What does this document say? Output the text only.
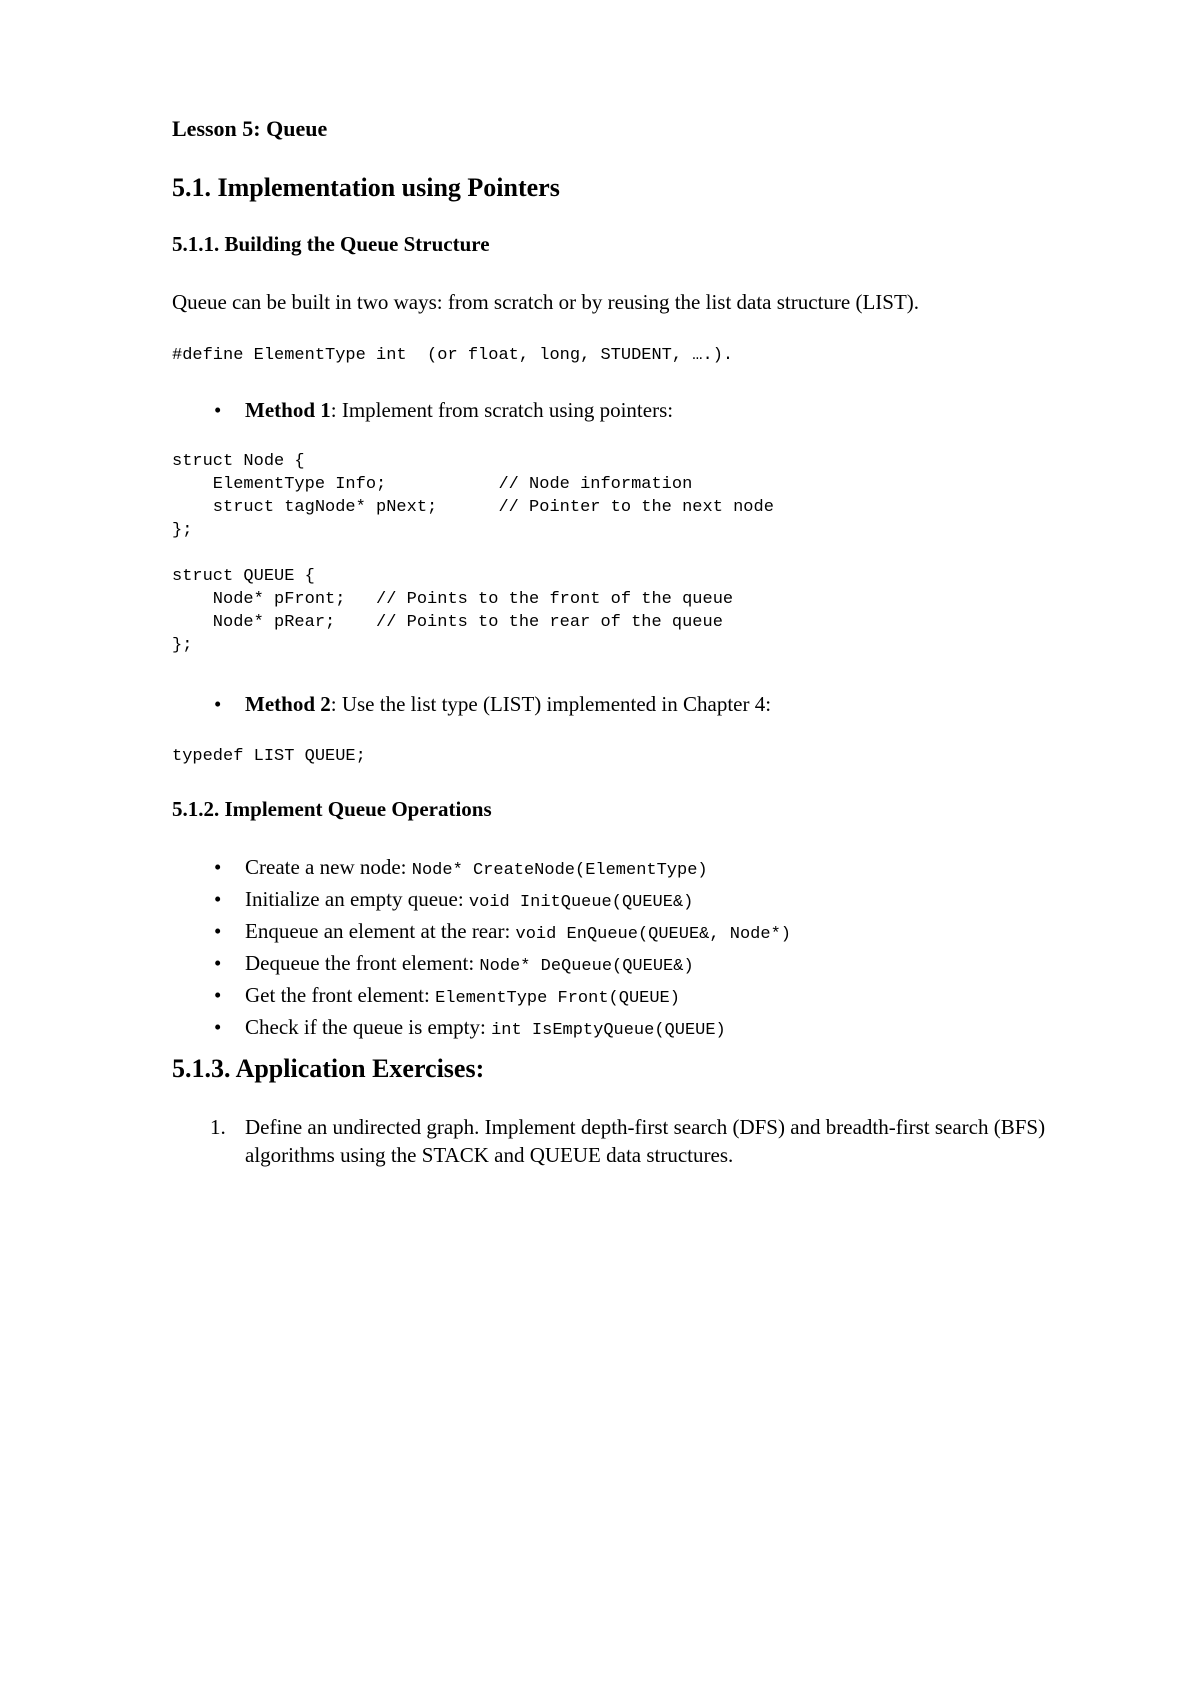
Lesson 5: Queue

5.1. Implementation using Pointers
5.1.1. Building the Queue Structure

Queue can be built in two ways: from scratch or by reusing the list data structure (LIST).

#define ElementType int  (or float, long, STUDENT, ….).
• Method 1: Implement from scratch using pointers:
struct Node {
ElementType Info;           // Node information
struct tagNode* pNext;      // Pointer to the next node
};

struct QUEUE {
Node* pFront;   // Points to the front of the queue
Node* pRear;    // Points to the rear of the queue
};
• Method 2: Use the list type (LIST) implemented in Chapter 4:
typedef LIST QUEUE;
5.1.2. Implement Queue Operations
• Create a new node: Node* CreateNode(ElementType)
• Initialize an empty queue: void InitQueue(QUEUE&)
• Enqueue an element at the rear: void EnQueue(QUEUE&, Node*)
• Dequeue the front element: Node* DeQueue(QUEUE&)
• Get the front element: ElementType Front(QUEUE)
• Check if the queue is empty: int IsEmptyQueue(QUEUE)
5.1.3. Application Exercises:
1. Define an undirected graph. Implement depth-first search (DFS) and breadth-first search (BFS) algorithms using the STACK and QUEUE data structures.
